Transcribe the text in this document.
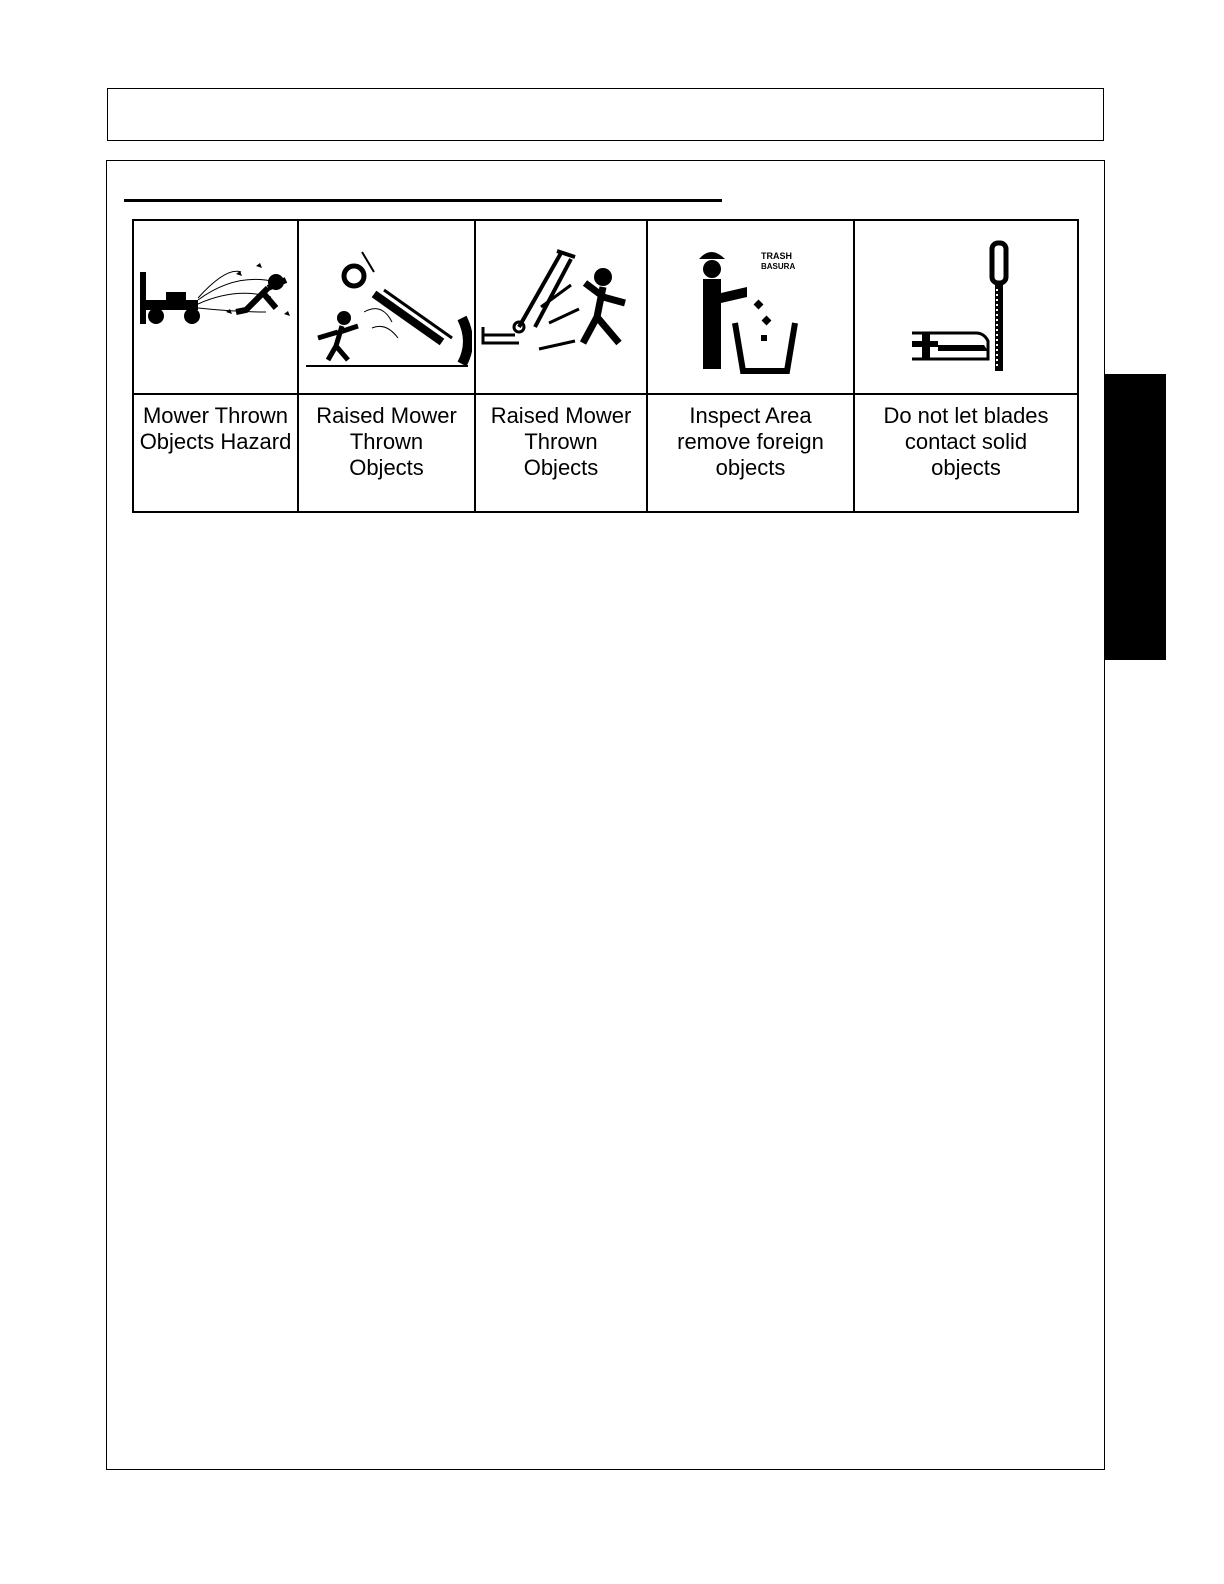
TRASH
BASURA

Mower Thrown
Objects Hazard	Raised Mower
Thrown
Objects	Raised Mower
Thrown
Objects	Inspect Area
remove foreign
objects	Do not let blades
contact solid
objects
